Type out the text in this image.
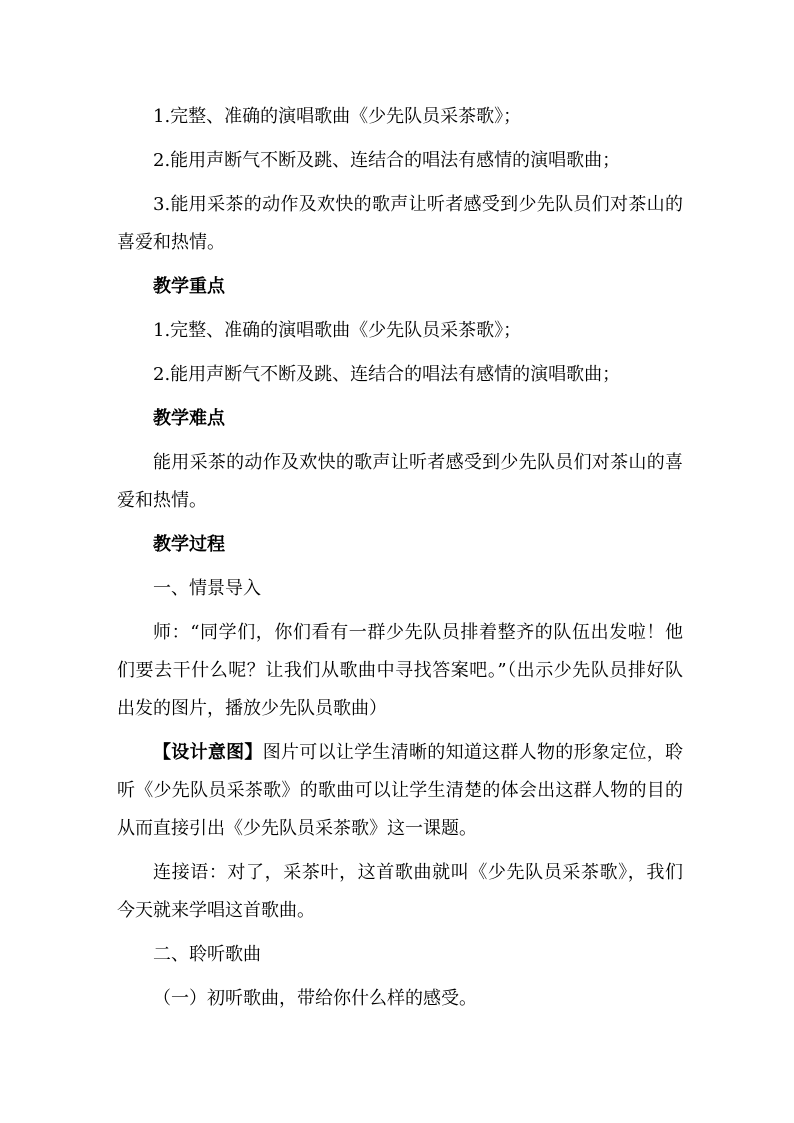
1.完整、准确的演唱歌曲《少先队员采茶歌》；

2.能用声断气不断及跳、连结合的唱法有感情的演唱歌曲；

3.能用采茶的动作及欢快的歌声让听者感受到少先队员们对茶山的喜爱和热情。

教学重点

1.完整、准确的演唱歌曲《少先队员采茶歌》；

2.能用声断气不断及跳、连结合的唱法有感情的演唱歌曲；

教学难点

能用采茶的动作及欢快的歌声让听者感受到少先队员们对茶山的喜爱和热情。

教学过程

一、情景导入

师：“同学们，你们看有一群少先队员排着整齐的队伍出发啦！他们要去干什么呢？让我们从歌曲中寻找答案吧。”（出示少先队员排好队出发的图片，播放少先队员歌曲）

【设计意图】图片可以让学生清晰的知道这群人物的形象定位，聆听《少先队员采茶歌》的歌曲可以让学生清楚的体会出这群人物的目的从而直接引出《少先队员采茶歌》这一课题。

连接语：对了，采茶叶，这首歌曲就叫《少先队员采茶歌》，我们今天就来学唱这首歌曲。

二、聆听歌曲

（一）初听歌曲，带给你什么样的感受。
